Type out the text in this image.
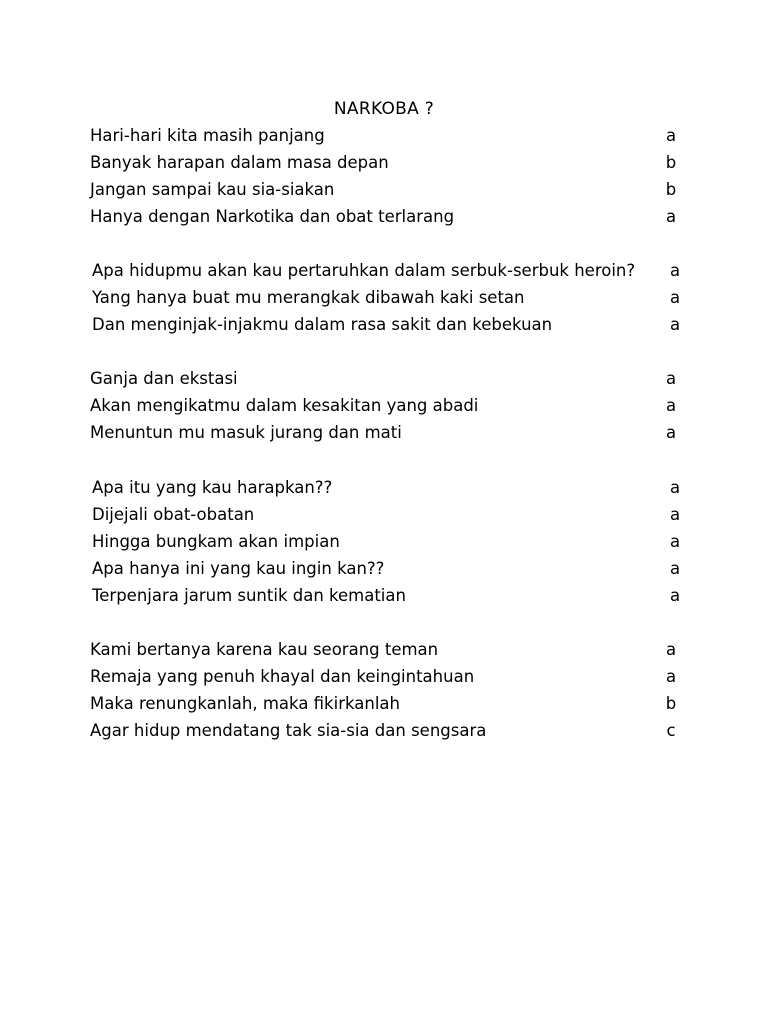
NARKOBA ?
Hari-hari kita masih panjang	a
Banyak harapan dalam masa depan	b
Jangan sampai kau sia-siakan	b
Hanya dengan Narkotika dan obat terlarang	a
Apa hidupmu akan kau pertaruhkan dalam serbuk-serbuk heroin? a
Yang hanya buat mu merangkak dibawah kaki setan	a
Dan menginjak-injakmu dalam rasa sakit dan kebekuan	a
Ganja dan ekstasi	a
Akan mengikatmu dalam kesakitan yang abadi	a
Menuntun mu masuk jurang dan mati	a
Apa itu yang kau harapkan??	a
Dijejali obat-obatan	a
Hingga bungkam akan impian	a
Apa hanya ini yang kau ingin kan??	a
Terpenjara jarum suntik dan kematian	a
Kami bertanya karena kau seorang teman	a
Remaja yang penuh khayal dan keingintahuan	a
Maka renungkanlah, maka fikirkanlah	b
Agar hidup mendatang tak sia-sia dan sengsara	c
